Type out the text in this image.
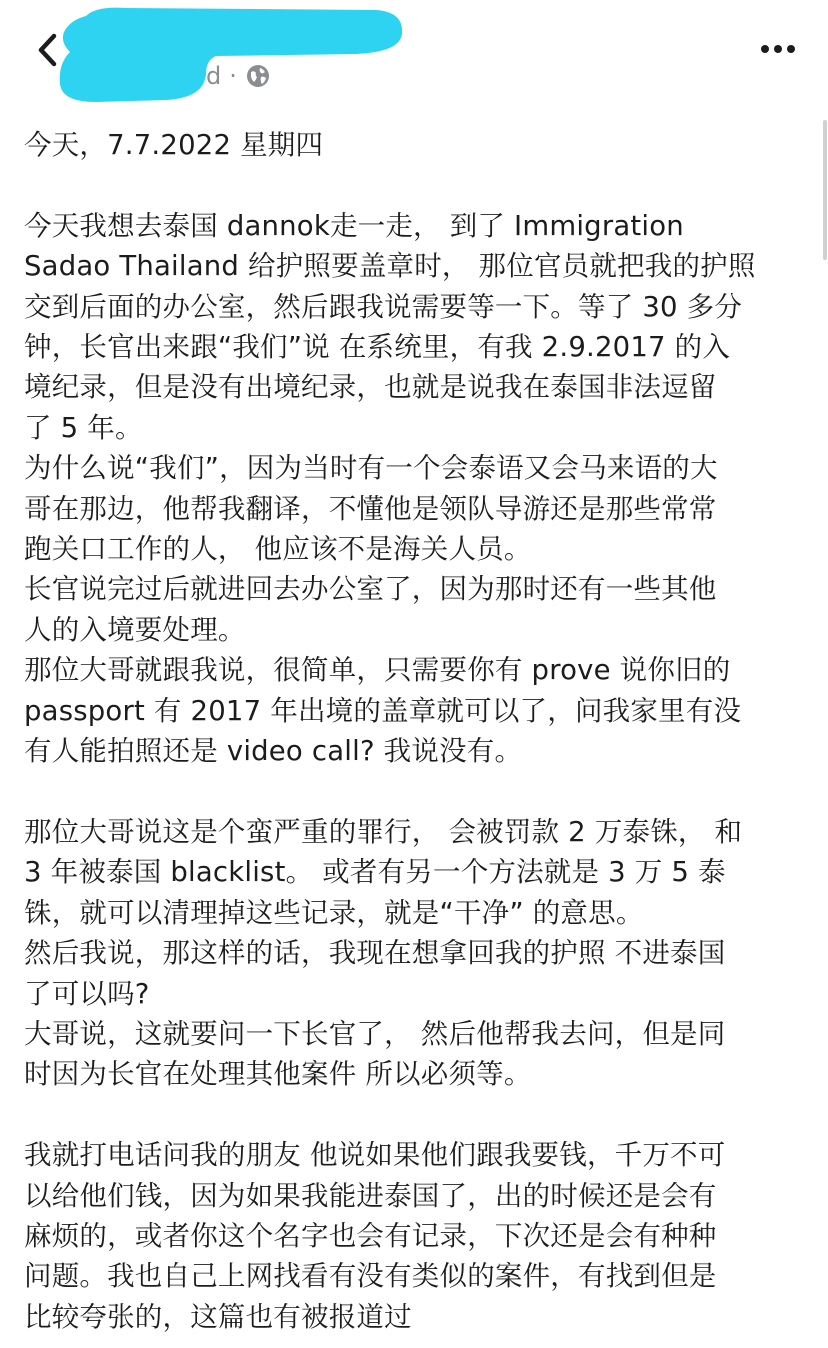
d ·

今天，7.7.2022 星期四

今天我想去泰国 dannok走一走， 到了 Immigration

Sadao Thailand 给护照要盖章时， 那位官员就把我的护照

交到后面的办公室，然后跟我说需要等一下。等了 30 多分

钟，长官出来跟“我们”说 在系统里，有我 2.9.2017 的入

境纪录，但是没有出境纪录，也就是说我在泰国非法逗留

了 5 年。

为什么说“我们”，因为当时有一个会泰语又会马来语的大

哥在那边，他帮我翻译，不懂他是领队导游还是那些常常

跑关口工作的人， 他应该不是海关人员。

长官说完过后就进回去办公室了，因为那时还有一些其他

人的入境要处理。

那位大哥就跟我说，很简单，只需要你有 prove 说你旧的

passport 有 2017 年出境的盖章就可以了，问我家里有没

有人能拍照还是 video call? 我说没有。

那位大哥说这是个蛮严重的罪行， 会被罚款 2 万泰铢， 和

3 年被泰国 blacklist。 或者有另一个方法就是 3 万 5 泰

铢，就可以清理掉这些记录，就是“干净” 的意思。

然后我说，那这样的话，我现在想拿回我的护照 不进泰国

了可以吗?

大哥说，这就要问一下长官了， 然后他帮我去问，但是同

时因为长官在处理其他案件 所以必须等。

我就打电话问我的朋友 他说如果他们跟我要钱，千万不可

以给他们钱，因为如果我能进泰国了，出的时候还是会有

麻烦的，或者你这个名字也会有记录，下次还是会有种种

问题。我也自己上网找看有没有类似的案件，有找到但是

比较夸张的，这篇也有被报道过
